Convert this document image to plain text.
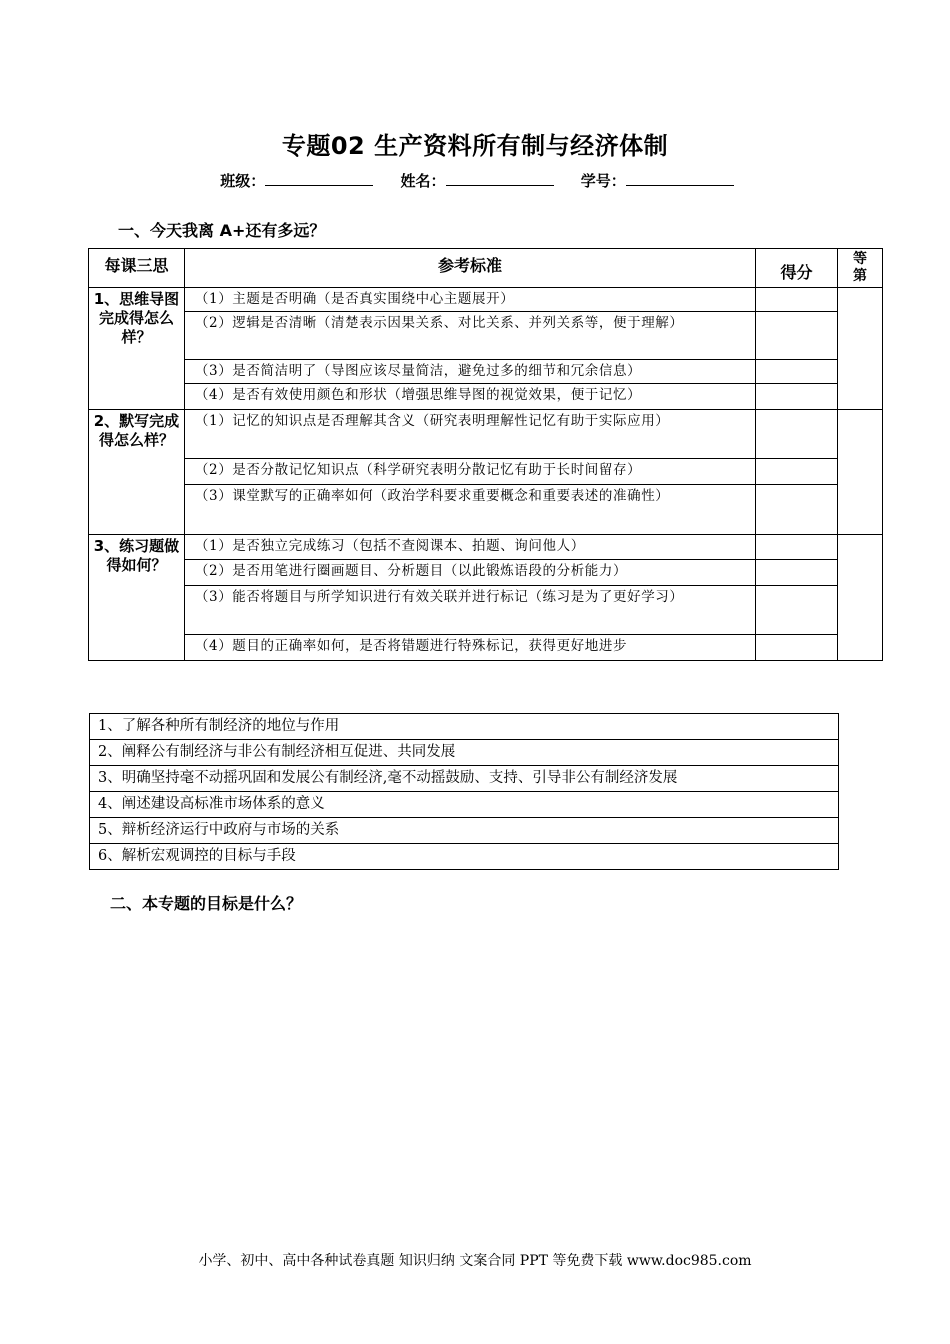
专题02 生产资料所有制与经济体制
班级：	姓名：	学号：
一、今天我离 A+还有多远？
每课三思	参考标准	得分	等第
1、思维导图完成得怎么样？	（1）主题是否明确（是否真实围绕中心主题展开）		
	（2）逻辑是否清晰（清楚表示因果关系、对比关系、并列关系等，便于理解）		
	（3）是否简洁明了（导图应该尽量简洁，避免过多的细节和冗余信息）		
	（4）是否有效使用颜色和形状（增强思维导图的视觉效果，便于记忆）		
2、默写完成得怎么样？	（1）记忆的知识点是否理解其含义（研究表明理解性记忆有助于实际应用）		
	（2）是否分散记忆知识点（科学研究表明分散记忆有助于长时间留存）		
	（3）课堂默写的正确率如何（政治学科要求重要概念和重要表述的准确性）		
3、练习题做得如何？	（1）是否独立完成练习（包括不查阅课本、拍题、询问他人）		
	（2）是否用笔进行圈画题目、分析题目（以此锻炼语段的分析能力）		
	（3）能否将题目与所学知识进行有效关联并进行标记（练习是为了更好学习）		
	（4）题目的正确率如何，是否将错题进行特殊标记，获得更好地进步		
1、了解各种所有制经济的地位与作用
2、阐释公有制经济与非公有制经济相互促进、共同发展
3、明确坚持毫不动摇巩固和发展公有制经济,毫不动摇鼓励、支持、引导非公有制经济发展
4、阐述建设高标准市场体系的意义
5、辩析经济运行中政府与市场的关系
6、解析宏观调控的目标与手段
二、本专题的目标是什么？
小学、初中、高中各种试卷真题 知识归纳 文案合同 PPT 等免费下载 www.doc985.com
